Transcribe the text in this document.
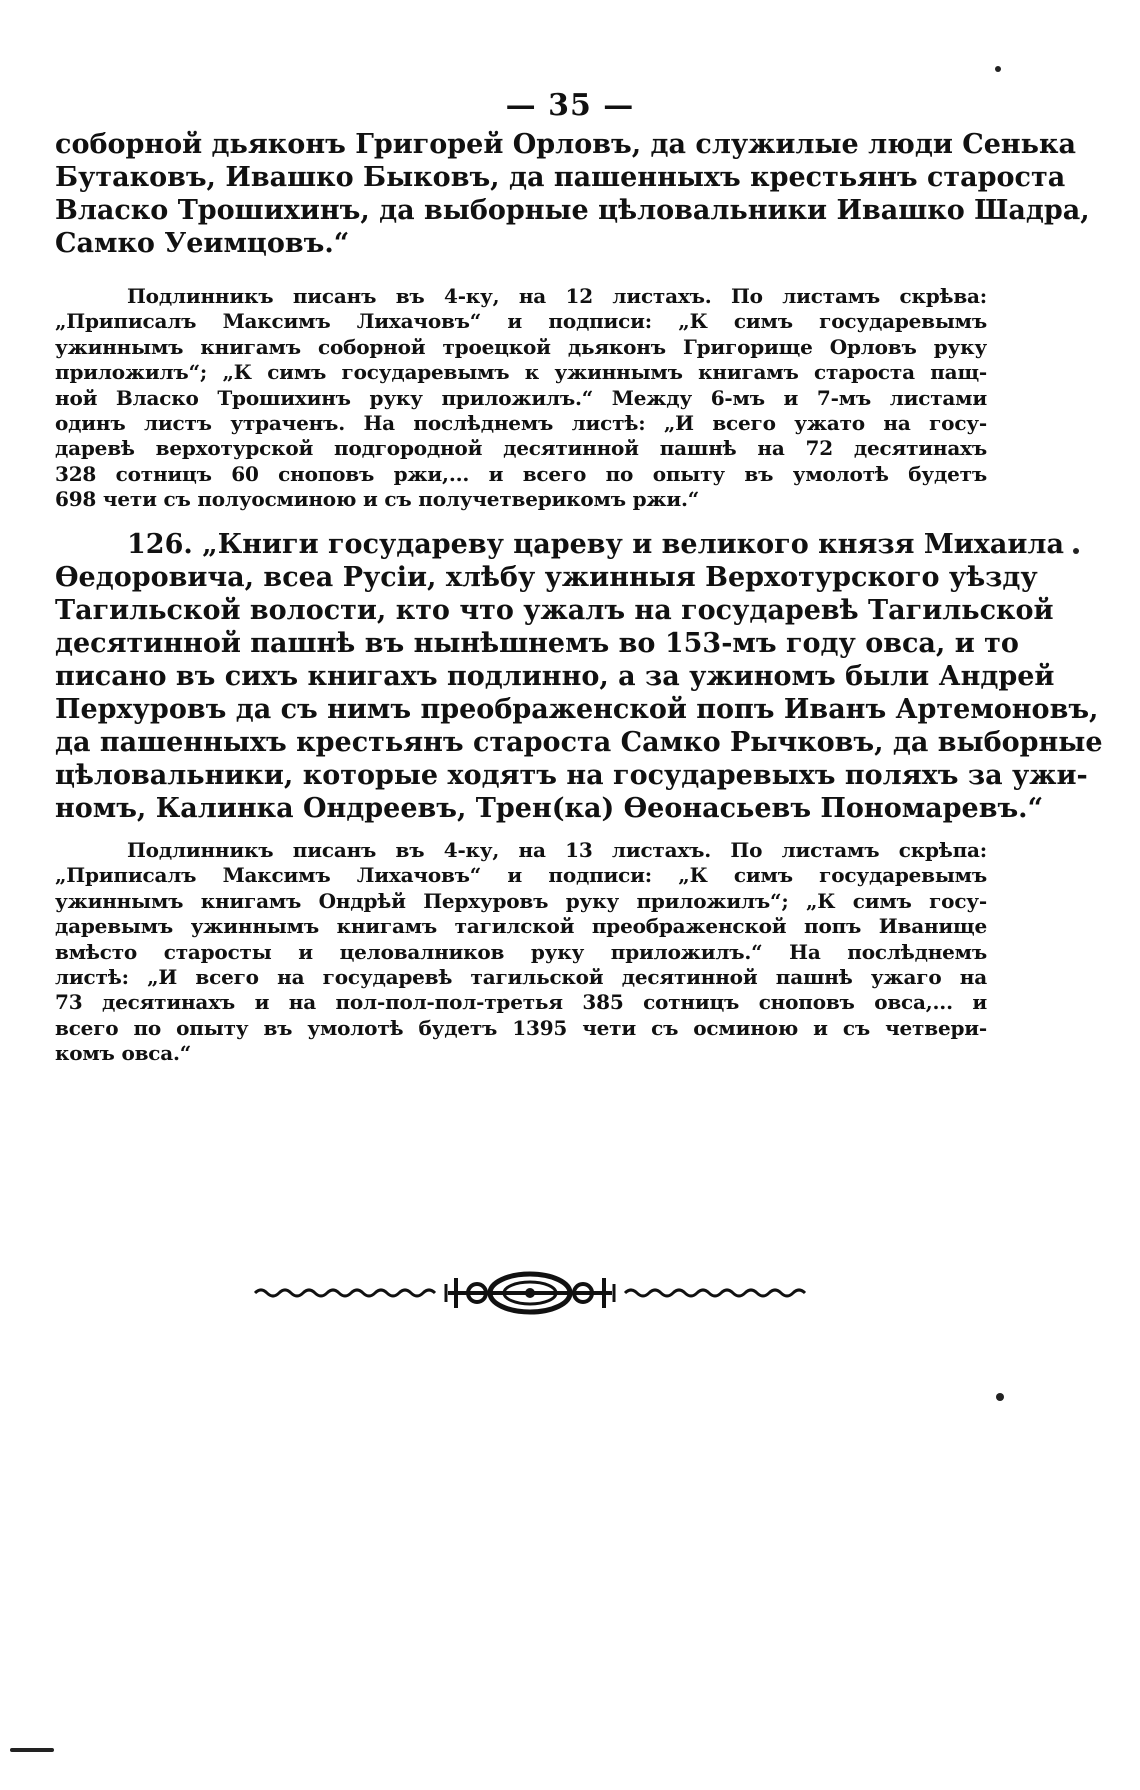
— 35 —
соборной дьяконъ Григорей Орловъ, да служилые люди Сенька
Бутаковъ, Ивашко Быковъ, да пашенныхъ крестьянъ староста
Власко Трошихинъ, да выборные цѣловальники Ивашко Шадра,
Самко Уеимцовъ.“
Подлинникъ писанъ въ 4-ку, на 12 листахъ. По листамъ скрѣва:
„Приписалъ Максимъ Лихачовъ“ и подписи: „К симъ государевымъ
ужиннымъ книгамъ соборной троецкой дьяконъ Григорище Орловъ руку
приложилъ“; „К симъ государевымъ к ужиннымъ книгамъ староста пащ-
ной Власко Трошихинъ руку приложилъ.“ Между 6-мъ и 7-мъ листами
одинъ листъ утраченъ. На послѣднемъ листѣ: „И всего ужато на госу-
даревѣ верхотурской подгородной десятинной пашнѣ на 72 десятинахъ
328 сотницъ 60 сноповъ ржи,... и всего по опыту въ умолотѣ будетъ
698 чети съ полуосминою и съ получетверикомъ ржи.“
126. „Книги государеву цареву и великого князя Михаила
Өедоровича, всеа Русіи, хлѣбу ужинныя Верхотурского уѣзду
Тагильской волости, кто что ужалъ на государевѣ Тагильской
десятинной пашнѣ въ нынѣшнемъ во 153-мъ году овса, и то
писано въ сихъ книгахъ подлинно, а за ужиномъ были Андрей
Перхуровъ да съ нимъ преображенской попъ Иванъ Артемоновъ,
да пашенныхъ крестьянъ староста Самко Рычковъ, да выборные
цѣловальники, которые ходятъ на государевыхъ поляхъ за ужи-
номъ, Калинка Ондреевъ, Трен(ка) Өеонасьевъ Пономаревъ.“
Подлинникъ писанъ въ 4-ку, на 13 листахъ. По листамъ скрѣпа:
„Приписалъ Максимъ Лихачовъ“ и подписи: „К симъ государевымъ
ужиннымъ книгамъ Ондрѣй Перхуровъ руку приложилъ“; „К симъ госу-
даревымъ ужиннымъ книгамъ тагилской преображенской попъ Иванище
вмѣсто старосты и целовалников руку приложилъ.“ На послѣднемъ
листѣ: „И всего на государевѣ тагильской десятинной пашнѣ ужаго на
73 десятинахъ и на пол-пол-пол-третья 385 сотницъ сноповъ овса,... и
всего по опыту въ умолотѣ будетъ 1395 чети съ осминою и съ четвери-
комъ овса.“
